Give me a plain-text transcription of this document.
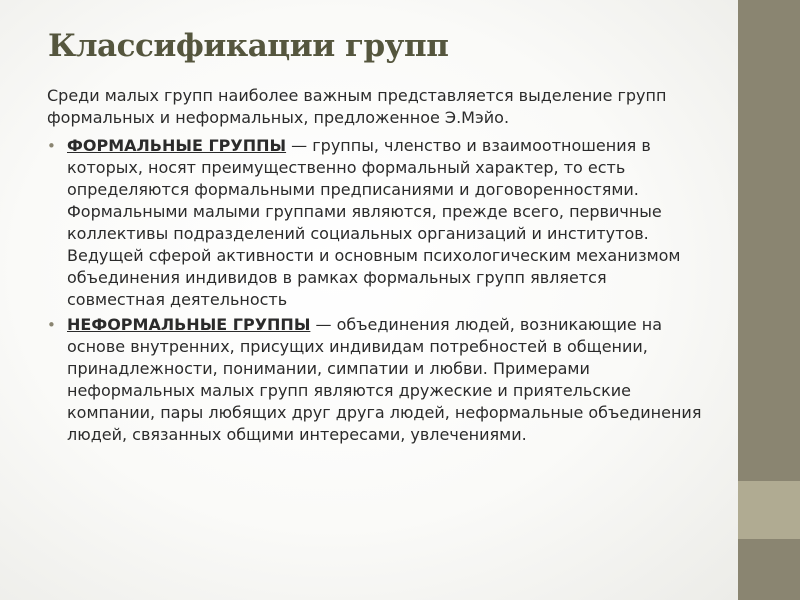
Классификации групп

Среди малых групп наиболее важным представляется выделение групп формальных и неформальных, предложенное Э.Мэйо.

• ФОРМАЛЬНЫЕ ГРУППЫ — группы, членство и взаимоотношения в которых, носят преимущественно формальный характер, то есть определяются формальными предписаниями и договоренностями. Формальными малыми группами являются, прежде всего, первичные коллективы подразделений социальных организаций и институтов. Ведущей сферой активности и основным психологическим механизмом объединения индивидов в рамках формальных групп является совместная деятельность
• НЕФОРМАЛЬНЫЕ ГРУППЫ — объединения людей, возникающие на основе внутренних, присущих индивидам потребностей в общении, принадлежности, понимании, симпатии и любви. Примерами неформальных малых групп являются дружеские и приятельские компании, пары любящих друг друга людей, неформальные объединения людей, связанных общими интересами, увлечениями.
